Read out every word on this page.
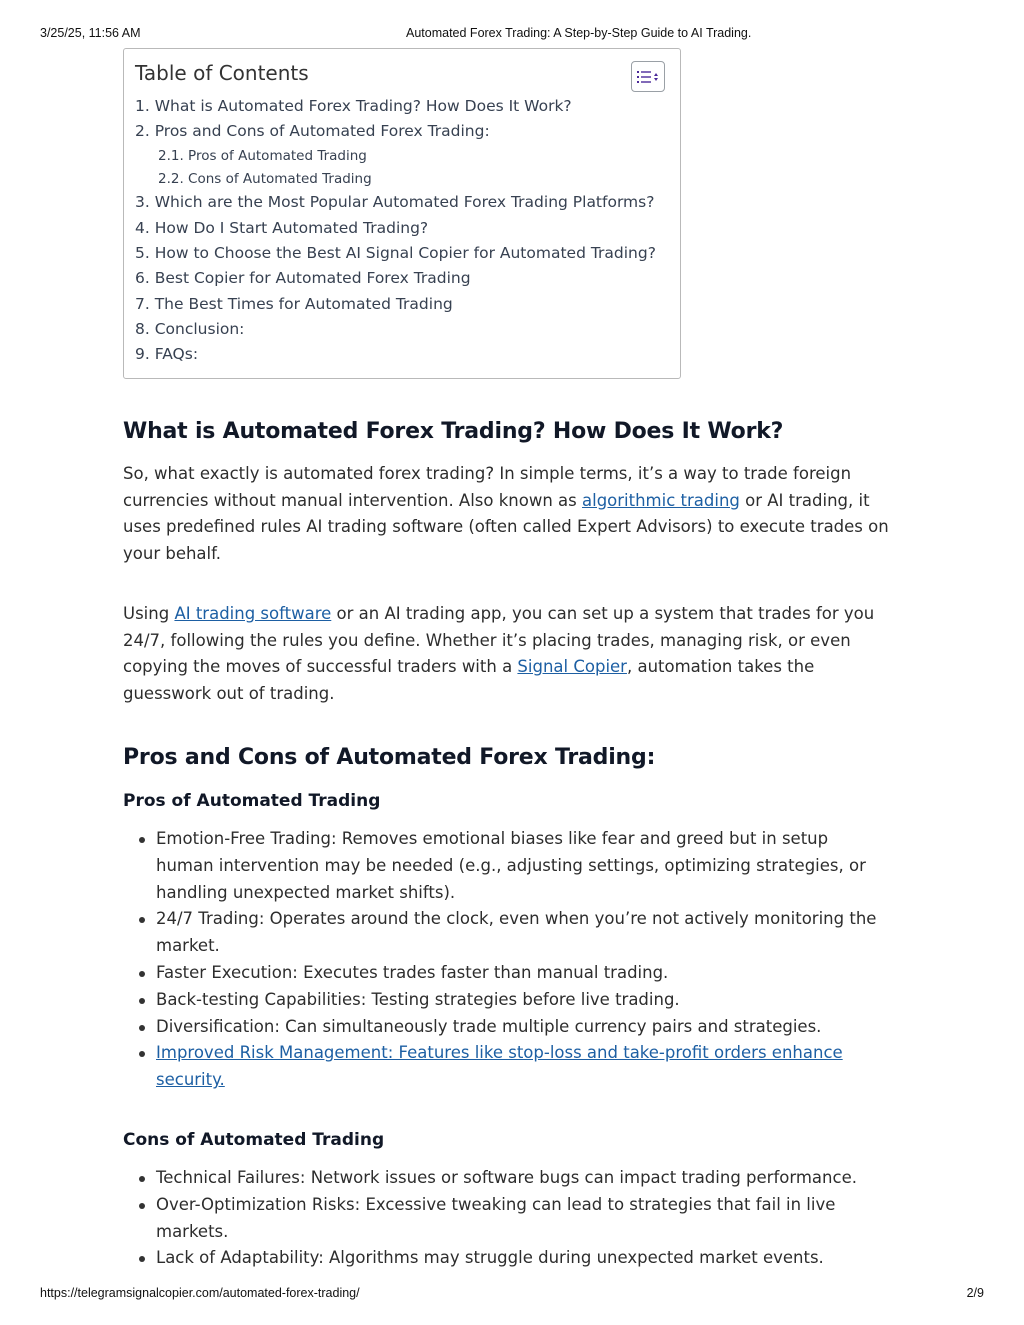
3/25/25, 11:56 AM	Automated Forex Trading: A Step-by-Step Guide to AI Trading.
Table of Contents
1. What is Automated Forex Trading? How Does It Work?
2. Pros and Cons of Automated Forex Trading:
2.1. Pros of Automated Trading
2.2. Cons of Automated Trading
3. Which are the Most Popular Automated Forex Trading Platforms?
4. How Do I Start Automated Trading?
5. How to Choose the Best AI Signal Copier for Automated Trading?
6. Best Copier for Automated Forex Trading
7. The Best Times for Automated Trading
8. Conclusion:
9. FAQs:
What is Automated Forex Trading? How Does It Work?

So, what exactly is automated forex trading? In simple terms, it’s a way to trade foreign currencies without manual intervention. Also known as algorithmic trading or AI trading, it uses predefined rules AI trading software (often called Expert Advisors) to execute trades on your behalf.

Using AI trading software or an AI trading app, you can set up a system that trades for you 24/7, following the rules you define. Whether it’s placing trades, managing risk, or even copying the moves of successful traders with a Signal Copier, automation takes the guesswork out of trading.

Pros and Cons of Automated Forex Trading:
Pros of Automated Trading
Emotion-Free Trading: Removes emotional biases like fear and greed but in setup human intervention may be needed (e.g., adjusting settings, optimizing strategies, or handling unexpected market shifts).
24/7 Trading: Operates around the clock, even when you’re not actively monitoring the market.
Faster Execution: Executes trades faster than manual trading.
Back-testing Capabilities: Testing strategies before live trading.
Diversification: Can simultaneously trade multiple currency pairs and strategies.
Improved Risk Management: Features like stop-loss and take-profit orders enhance security.
Cons of Automated Trading
Technical Failures: Network issues or software bugs can impact trading performance.
Over-Optimization Risks: Excessive tweaking can lead to strategies that fail in live markets.
Lack of Adaptability: Algorithms may struggle during unexpected market events.
https://telegramsignalcopier.com/automated-forex-trading/	2/9
